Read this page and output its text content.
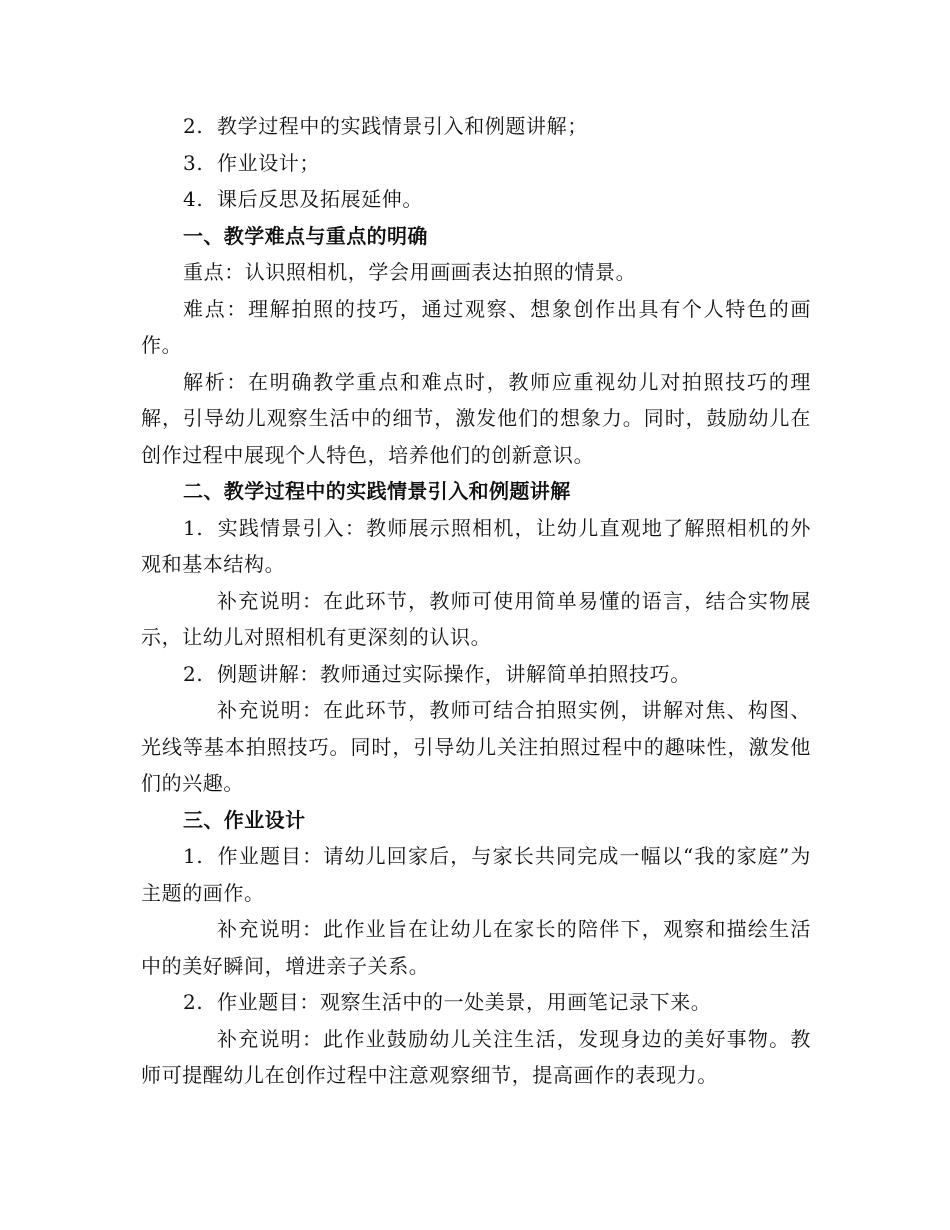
2. 教学过程中的实践情景引入和例题讲解；

3. 作业设计；

4. 课后反思及拓展延伸。

一、教学难点与重点的明确

重点：认识照相机，学会用画画表达拍照的情景。

难点：理解拍照的技巧，通过观察、想象创作出具有个人特色的画作。

解析：在明确教学重点和难点时，教师应重视幼儿对拍照技巧的理解，引导幼儿观察生活中的细节，激发他们的想象力。同时，鼓励幼儿在创作过程中展现个人特色，培养他们的创新意识。

二、教学过程中的实践情景引入和例题讲解

1. 实践情景引入：教师展示照相机，让幼儿直观地了解照相机的外观和基本结构。

补充说明：在此环节，教师可使用简单易懂的语言，结合实物展示，让幼儿对照相机有更深刻的认识。

2. 例题讲解：教师通过实际操作，讲解简单拍照技巧。

补充说明：在此环节，教师可结合拍照实例，讲解对焦、构图、光线等基本拍照技巧。同时，引导幼儿关注拍照过程中的趣味性，激发他们的兴趣。

三、作业设计

1. 作业题目：请幼儿回家后，与家长共同完成一幅以“我的家庭”为主题的画作。

补充说明：此作业旨在让幼儿在家长的陪伴下，观察和描绘生活中的美好瞬间，增进亲子关系。

2. 作业题目：观察生活中的一处美景，用画笔记录下来。

补充说明：此作业鼓励幼儿关注生活，发现身边的美好事物。教师可提醒幼儿在创作过程中注意观察细节，提高画作的表现力。
